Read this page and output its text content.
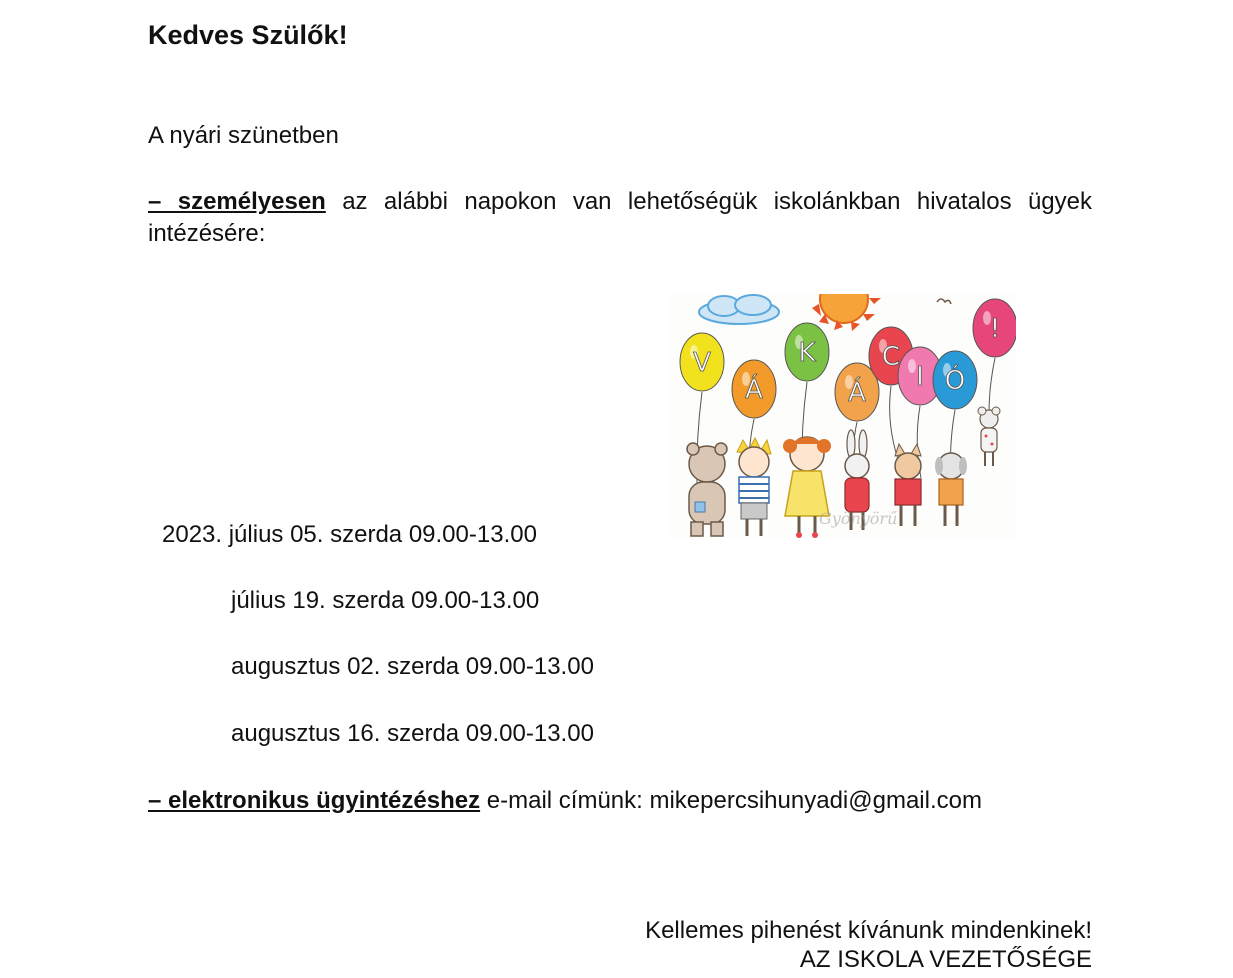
Kedves Szülők!
A nyári szünetben
– személyesen az alábbi napokon van lehetőségük iskolánkban hivatalos ügyek intézésére:
V
Á
K
Á
C
I Ó
!
Gyönyörű
2023. július 05. szerda 09.00-13.00
július 19. szerda 09.00-13.00
augusztus 02. szerda 09.00-13.00
augusztus 16. szerda 09.00-13.00
– elektronikus ügyintézéshez e-mail címünk: mikepercsihunyadi@gmail.com
Kellemes pihenést kívánunk mindenkinek!
AZ ISKOLA VEZETŐSÉGE
